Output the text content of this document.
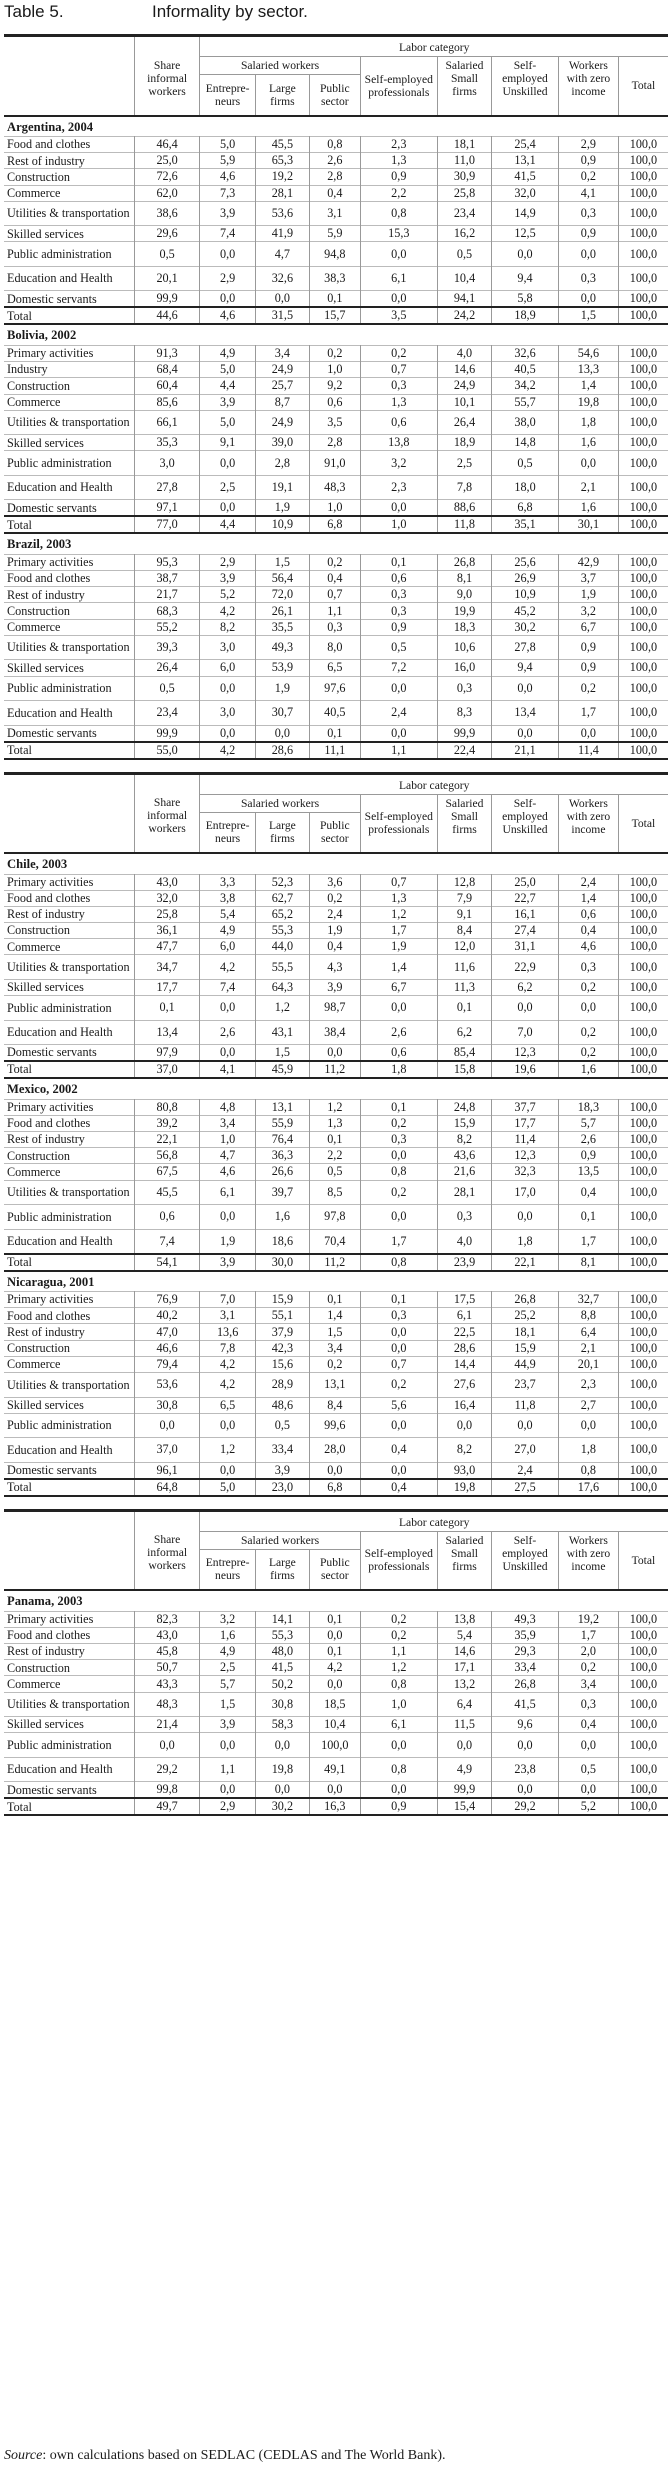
Table 5.	Informality by sector.
		Labor category							
	Share informal workers	Salaried workers			Self-employed professionals	Salaried Small firms	Self-employed Unskilled	Workers with zero income	Total
		Entrepre-neurs	Large firms	Public sector					

Argentina, 2004									
Food and clothes	46,4	5,0	45,5	0,8	2,3	18,1	25,4	2,9	100,0
Rest of industry	25,0	5,9	65,3	2,6	1,3	11,0	13,1	0,9	100,0
Construction	72,6	4,6	19,2	2,8	0,9	30,9	41,5	0,2	100,0
Commerce	62,0	7,3	28,1	0,4	2,2	25,8	32,0	4,1	100,0
Utilities & transportation	38,6	3,9	53,6	3,1	0,8	23,4	14,9	0,3	100,0
Skilled services	29,6	7,4	41,9	5,9	15,3	16,2	12,5	0,9	100,0
Public administration	0,5	0,0	4,7	94,8	0,0	0,5	0,0	0,0	100,0
Education and Health	20,1	2,9	32,6	38,3	6,1	10,4	9,4	0,3	100,0
Domestic servants	99,9	0,0	0,0	0,1	0,0	94,1	5,8	0,0	100,0
Total	44,6	4,6	31,5	15,7	3,5	24,2	18,9	1,5	100,0
Bolivia, 2002									
Primary activities	91,3	4,9	3,4	0,2	0,2	4,0	32,6	54,6	100,0
Industry	68,4	5,0	24,9	1,0	0,7	14,6	40,5	13,3	100,0
Construction	60,4	4,4	25,7	9,2	0,3	24,9	34,2	1,4	100,0
Commerce	85,6	3,9	8,7	0,6	1,3	10,1	55,7	19,8	100,0
Utilities & transportation	66,1	5,0	24,9	3,5	0,6	26,4	38,0	1,8	100,0
Skilled services	35,3	9,1	39,0	2,8	13,8	18,9	14,8	1,6	100,0
Public administration	3,0	0,0	2,8	91,0	3,2	2,5	0,5	0,0	100,0
Education and Health	27,8	2,5	19,1	48,3	2,3	7,8	18,0	2,1	100,0
Domestic servants	97,1	0,0	1,9	1,0	0,0	88,6	6,8	1,6	100,0
Total	77,0	4,4	10,9	6,8	1,0	11,8	35,1	30,1	100,0
Brazil, 2003									
Primary activities	95,3	2,9	1,5	0,2	0,1	26,8	25,6	42,9	100,0
Food and clothes	38,7	3,9	56,4	0,4	0,6	8,1	26,9	3,7	100,0
Rest of industry	21,7	5,2	72,0	0,7	0,3	9,0	10,9	1,9	100,0
Construction	68,3	4,2	26,1	1,1	0,3	19,9	45,2	3,2	100,0
Commerce	55,2	8,2	35,5	0,3	0,9	18,3	30,2	6,7	100,0
Utilities & transportation	39,3	3,0	49,3	8,0	0,5	10,6	27,8	0,9	100,0
Skilled services	26,4	6,0	53,9	6,5	7,2	16,0	9,4	0,9	100,0
Public administration	0,5	0,0	1,9	97,6	0,0	0,3	0,0	0,2	100,0
Education and Health	23,4	3,0	30,7	40,5	2,4	8,3	13,4	1,7	100,0
Domestic servants	99,9	0,0	0,0	0,1	0,0	99,9	0,0	0,0	100,0
Total	55,0	4,2	28,6	11,1	1,1	22,4	21,1	11,4	100,0
		Labor category							
	Share informal workers	Salaried workers			Self-employed professionals	Salaried Small firms	Self-employed Unskilled	Workers with zero income	Total
		Entrepre-neurs	Large firms	Public sector					

Chile, 2003									
Primary activities	43,0	3,3	52,3	3,6	0,7	12,8	25,0	2,4	100,0
Food and clothes	32,0	3,8	62,7	0,2	1,3	7,9	22,7	1,4	100,0
Rest of industry	25,8	5,4	65,2	2,4	1,2	9,1	16,1	0,6	100,0
Construction	36,1	4,9	55,3	1,9	1,7	8,4	27,4	0,4	100,0
Commerce	47,7	6,0	44,0	0,4	1,9	12,0	31,1	4,6	100,0
Utilities & transportation	34,7	4,2	55,5	4,3	1,4	11,6	22,9	0,3	100,0
Skilled services	17,7	7,4	64,3	3,9	6,7	11,3	6,2	0,2	100,0
Public administration	0,1	0,0	1,2	98,7	0,0	0,1	0,0	0,0	100,0
Education and Health	13,4	2,6	43,1	38,4	2,6	6,2	7,0	0,2	100,0
Domestic servants	97,9	0,0	1,5	0,0	0,6	85,4	12,3	0,2	100,0
Total	37,0	4,1	45,9	11,2	1,8	15,8	19,6	1,6	100,0
Mexico, 2002									
Primary activities	80,8	4,8	13,1	1,2	0,1	24,8	37,7	18,3	100,0
Food and clothes	39,2	3,4	55,9	1,3	0,2	15,9	17,7	5,7	100,0
Rest of industry	22,1	1,0	76,4	0,1	0,3	8,2	11,4	2,6	100,0
Construction	56,8	4,7	36,3	2,2	0,0	43,6	12,3	0,9	100,0
Commerce	67,5	4,6	26,6	0,5	0,8	21,6	32,3	13,5	100,0
Utilities & transportation	45,5	6,1	39,7	8,5	0,2	28,1	17,0	0,4	100,0
Public administration	0,6	0,0	1,6	97,8	0,0	0,3	0,0	0,1	100,0
Education and Health	7,4	1,9	18,6	70,4	1,7	4,0	1,8	1,7	100,0
Total	54,1	3,9	30,0	11,2	0,8	23,9	22,1	8,1	100,0
Nicaragua, 2001									
Primary activities	76,9	7,0	15,9	0,1	0,1	17,5	26,8	32,7	100,0
Food and clothes	40,2	3,1	55,1	1,4	0,3	6,1	25,2	8,8	100,0
Rest of industry	47,0	13,6	37,9	1,5	0,0	22,5	18,1	6,4	100,0
Construction	46,6	7,8	42,3	3,4	0,0	28,6	15,9	2,1	100,0
Commerce	79,4	4,2	15,6	0,2	0,7	14,4	44,9	20,1	100,0
Utilities & transportation	53,6	4,2	28,9	13,1	0,2	27,6	23,7	2,3	100,0
Skilled services	30,8	6,5	48,6	8,4	5,6	16,4	11,8	2,7	100,0
Public administration	0,0	0,0	0,5	99,6	0,0	0,0	0,0	0,0	100,0
Education and Health	37,0	1,2	33,4	28,0	0,4	8,2	27,0	1,8	100,0
Domestic servants	96,1	0,0	3,9	0,0	0,0	93,0	2,4	0,8	100,0
Total	64,8	5,0	23,0	6,8	0,4	19,8	27,5	17,6	100,0
		Labor category							
	Share informal workers	Salaried workers			Self-employed professionals	Salaried Small firms	Self-employed Unskilled	Workers with zero income	Total
		Entrepre-neurs	Large firms	Public sector					

Panama, 2003									
Primary activities	82,3	3,2	14,1	0,1	0,2	13,8	49,3	19,2	100,0
Food and clothes	43,0	1,6	55,3	0,0	0,2	5,4	35,9	1,7	100,0
Rest of industry	45,8	4,9	48,0	0,1	1,1	14,6	29,3	2,0	100,0
Construction	50,7	2,5	41,5	4,2	1,2	17,1	33,4	0,2	100,0
Commerce	43,3	5,7	50,2	0,0	0,8	13,2	26,8	3,4	100,0
Utilities & transportation	48,3	1,5	30,8	18,5	1,0	6,4	41,5	0,3	100,0
Skilled services	21,4	3,9	58,3	10,4	6,1	11,5	9,6	0,4	100,0
Public administration	0,0	0,0	0,0	100,0	0,0	0,0	0,0	0,0	100,0
Education and Health	29,2	1,1	19,8	49,1	0,8	4,9	23,8	0,5	100,0
Domestic servants	99,8	0,0	0,0	0,0	0,0	99,9	0,0	0,0	100,0
Total	49,7	2,9	30,2	16,3	0,9	15,4	29,2	5,2	100,0
Source: own calculations based on SEDLAC (CEDLAS and The World Bank).
